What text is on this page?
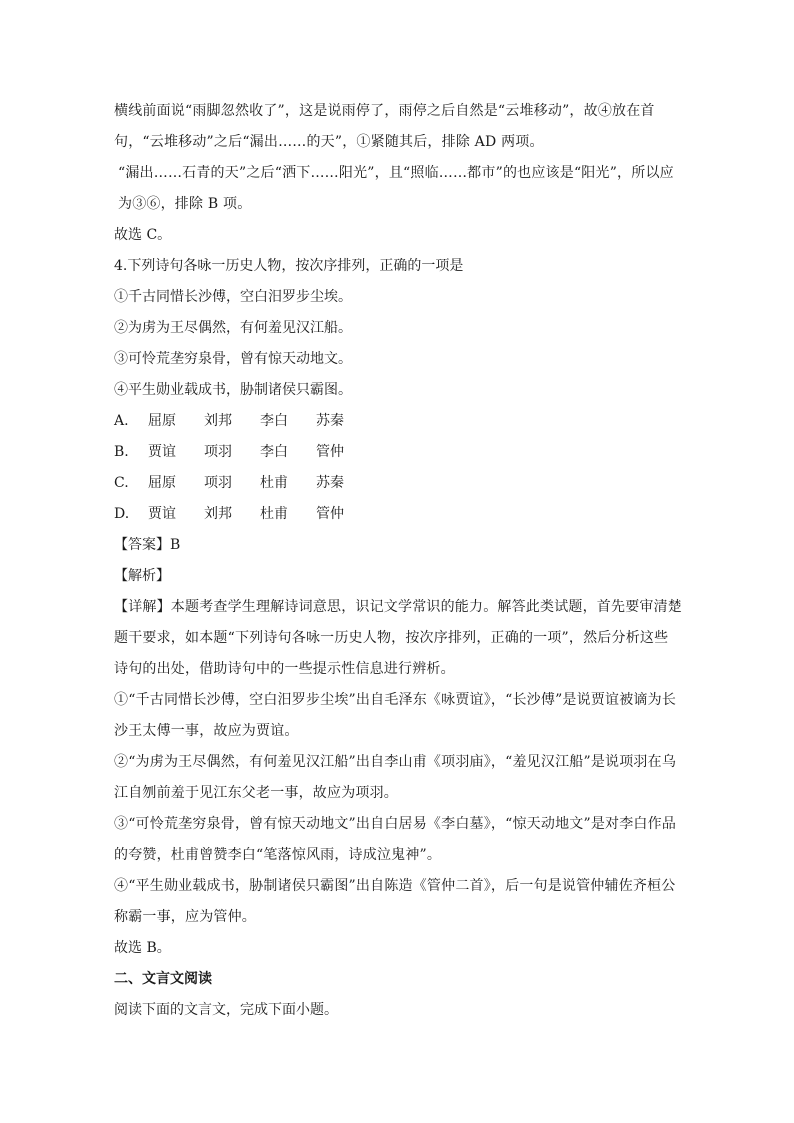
横线前面说“雨脚忽然收了”，这是说雨停了，雨停之后自然是“云堆移动”，故④放在首句，“云堆移动”之后“漏出……的天”，①紧随其后，排除 AD 两项。

“漏出……石青的天”之后“洒下……阳光”，且“照临……都市”的也应该是“阳光”，所以应为③⑥，排除 B 项。

故选 C。

4.下列诗句各咏一历史人物，按次序排列，正确的一项是

①千古同惜长沙傅，空白汨罗步尘埃。

②为虏为王尽偶然，有何羞见汉江船。

③可怜荒垄穷泉骨，曾有惊天动地文。

④平生勋业载成书，胁制诸侯只霸图。

A. 屈原 刘邦 李白 苏秦

B. 贾谊 项羽 李白 管仲

C. 屈原 项羽 杜甫 苏秦

D. 贾谊 刘邦 杜甫 管仲

【答案】B

【解析】

【详解】本题考查学生理解诗词意思，识记文学常识的能力。解答此类试题，首先要审清楚题干要求，如本题“下列诗句各咏一历史人物，按次序排列，正确的一项”，然后分析这些诗句的出处，借助诗句中的一些提示性信息进行辨析。

①“千古同惜长沙傅，空白汨罗步尘埃”出自毛泽东《咏贾谊》，“长沙傅”是说贾谊被谪为长沙王太傅一事，故应为贾谊。

②“为虏为王尽偶然，有何羞见汉江船”出自李山甫《项羽庙》，“羞见汉江船”是说项羽在乌江自刎前羞于见江东父老一事，故应为项羽。

③“可怜荒垄穷泉骨，曾有惊天动地文”出自白居易《李白墓》，“惊天动地文”是对李白作品的夸赞，杜甫曾赞李白“笔落惊风雨，诗成泣鬼神”。

④“平生勋业载成书，胁制诸侯只霸图”出自陈造《管仲二首》，后一句是说管仲辅佐齐桓公称霸一事，应为管仲。

故选 B。

二、文言文阅读

阅读下面的文言文，完成下面小题。
